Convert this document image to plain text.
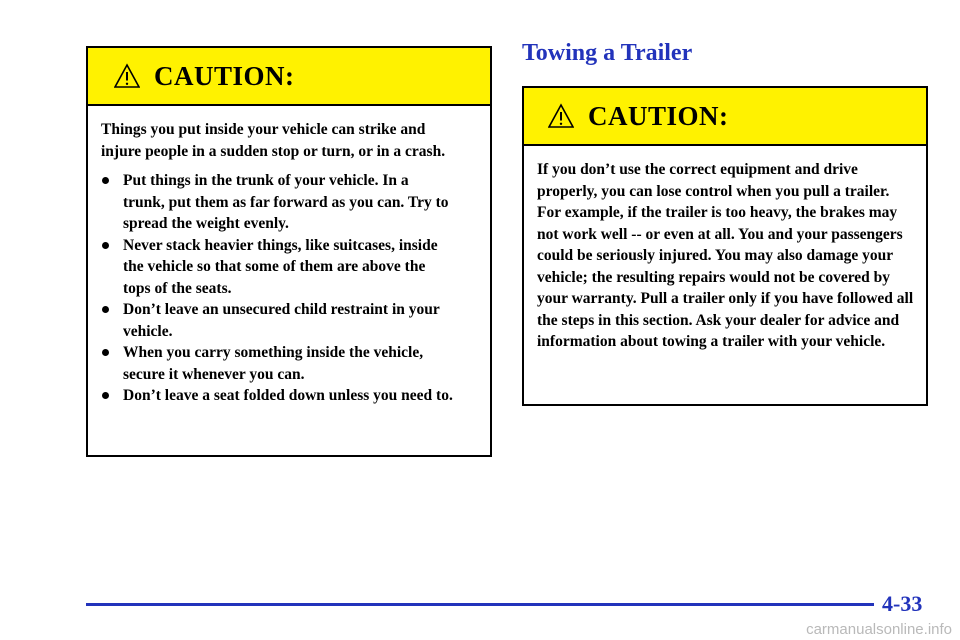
CAUTION:

Things you put inside your vehicle can strike and injure people in a sudden stop or turn, or in a crash.

Put things in the trunk of your vehicle. In a trunk, put them as far forward as you can. Try to spread the weight evenly.
Never stack heavier things, like suitcases, inside the vehicle so that some of them are above the tops of the seats.
Don’t leave an unsecured child restraint in your vehicle.
When you carry something inside the vehicle, secure it whenever you can.
Don’t leave a seat folded down unless you need to.
Towing a Trailer
CAUTION:

If you don’t use the correct equipment and drive properly, you can lose control when you pull a trailer. For example, if the trailer is too heavy, the brakes may not work well -- or even at all. You and your passengers could be seriously injured. You may also damage your vehicle; the resulting repairs would not be covered by your warranty. Pull a trailer only if you have followed all the steps in this section. Ask your dealer for advice and information about towing a trailer with your vehicle.

4-33
carmanualsonline.info
